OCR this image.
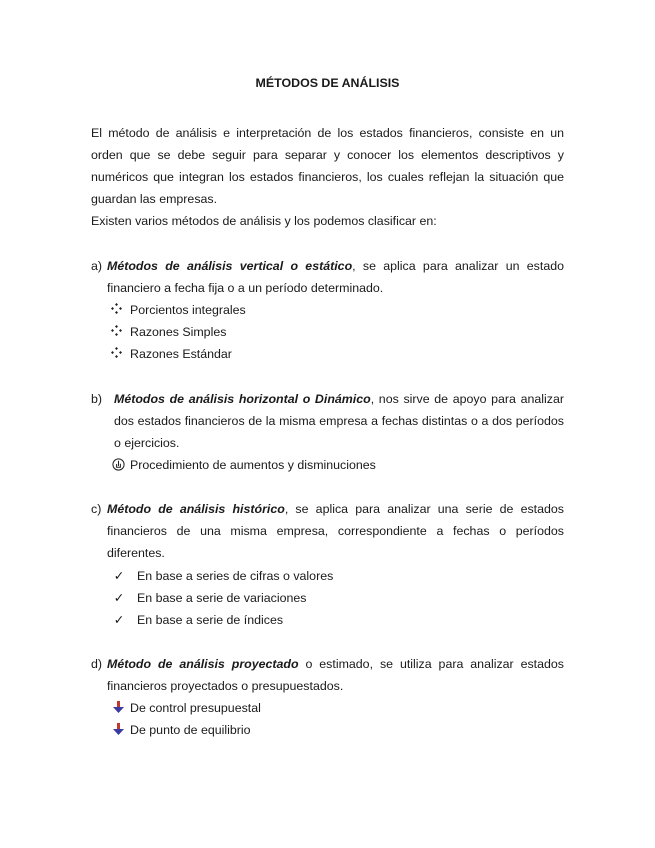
MÉTODOS DE ANÁLISIS
El método de análisis e interpretación de los estados financieros, consiste en un orden que se debe seguir para separar y conocer los elementos descriptivos y numéricos que integran los estados financieros, los cuales reflejan la situación que guardan las empresas.
Existen varios métodos de análisis y los podemos clasificar en:
a) Métodos de análisis vertical o estático, se aplica para analizar un estado financiero a fecha fija o a un período determinado.
Porcientos integrales
Razones Simples
Razones Estándar
b) Métodos de análisis horizontal o Dinámico, nos sirve de apoyo para analizar dos estados financieros de la misma empresa a fechas distintas o a dos períodos o ejercicios.
Procedimiento de aumentos y disminuciones
c) Método de análisis histórico, se aplica para analizar una serie de estados financieros de una misma empresa, correspondiente a fechas o períodos diferentes.
✓ En base a series de cifras o valores
✓ En base a serie de variaciones
✓ En base a serie de índices
d) Método de análisis proyectado o estimado, se utiliza para analizar estados financieros proyectados o presupuestados.
De control presupuestal
De punto de equilibrio
